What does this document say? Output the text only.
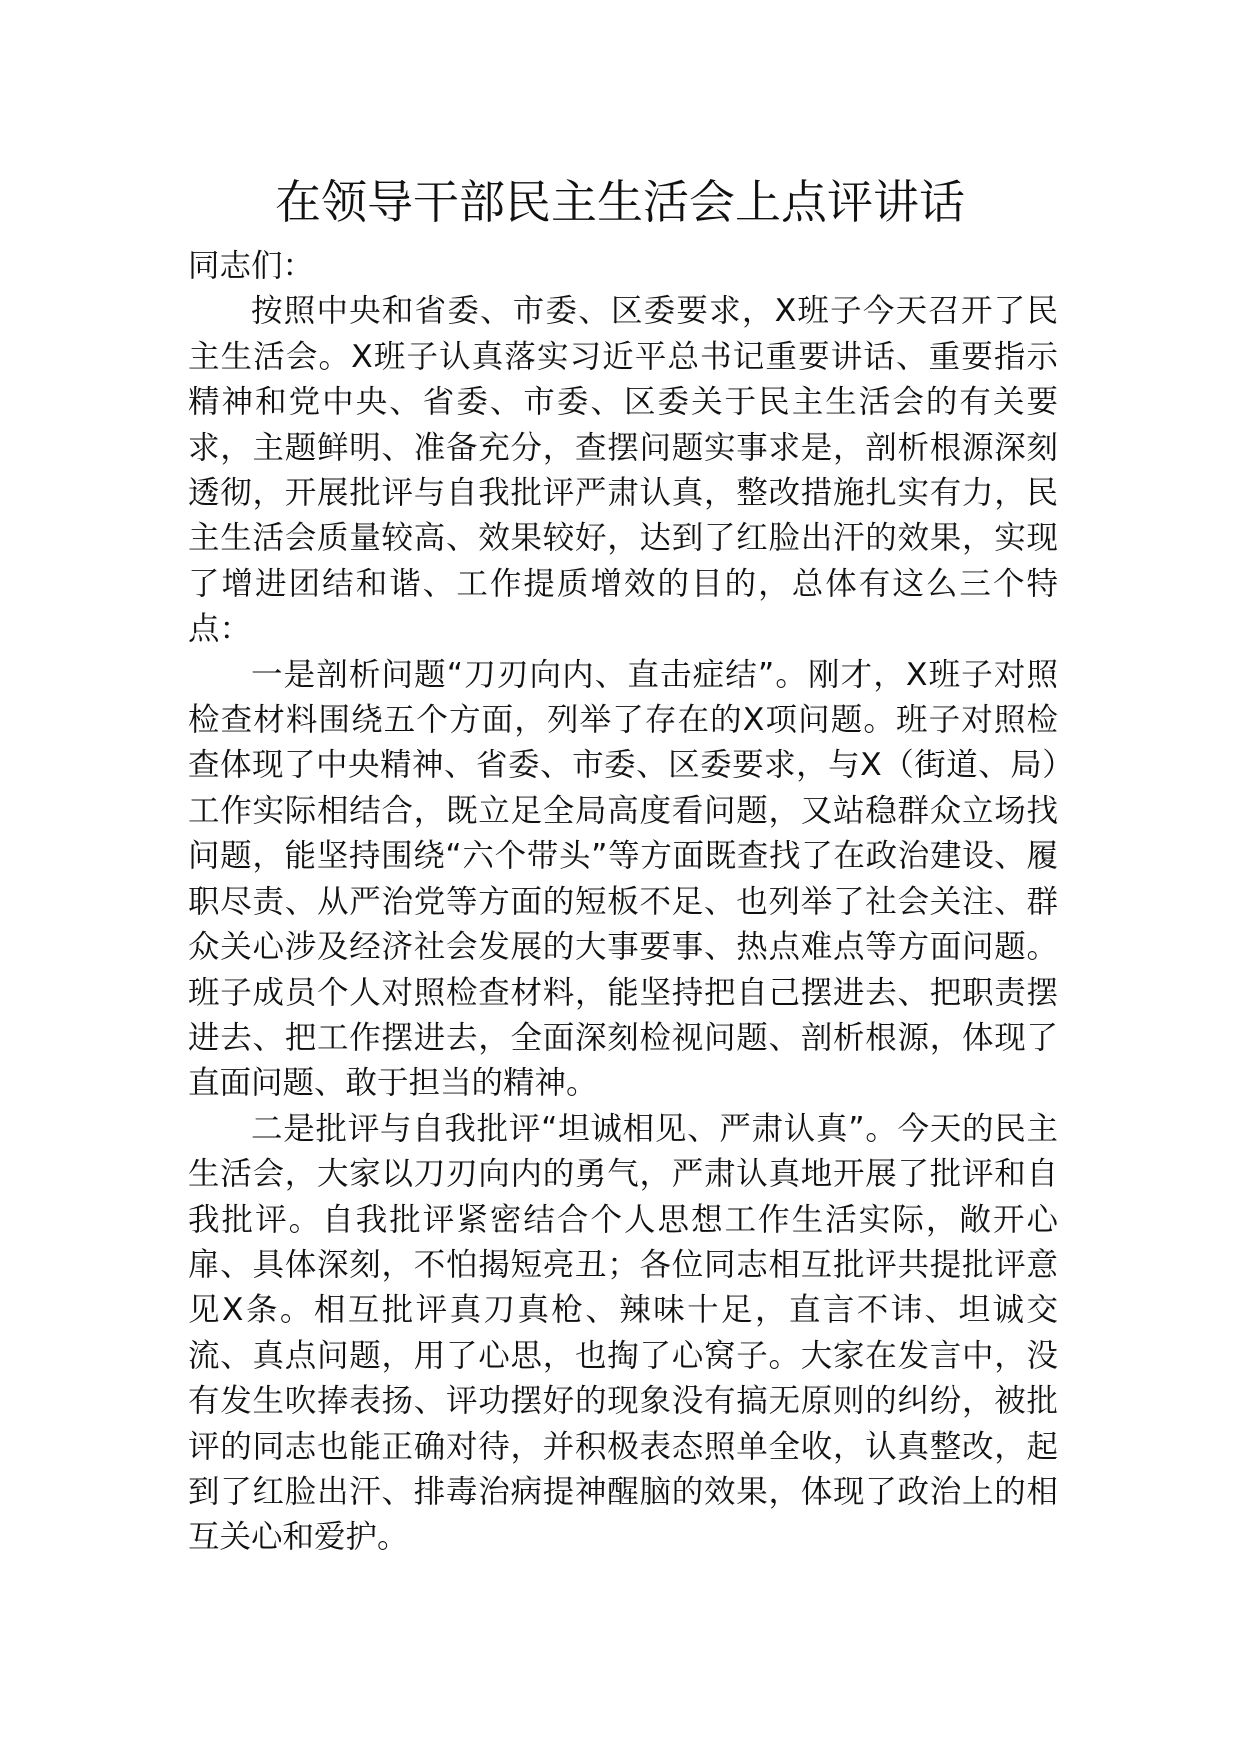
在领导干部民主生活会上点评讲话

同志们：

按照中央和省委、市委、区委要求，X班子今天召开了民主生活会。X班子认真落实习近平总书记重要讲话、重要指示精神和党中央、省委、市委、区委关于民主生活会的有关要求，主题鲜明、准备充分，查摆问题实事求是，剖析根源深刻透彻，开展批评与自我批评严肃认真，整改措施扎实有力，民主生活会质量较高、效果较好，达到了红脸出汗的效果，实现了增进团结和谐、工作提质增效的目的，总体有这么三个特点：

一是剖析问题“刀刃向内、直击症结”。刚才，X班子对照检查材料围绕五个方面，列举了存在的X项问题。班子对照检查体现了中央精神、省委、市委、区委要求，与X（街道、局）工作实际相结合，既立足全局高度看问题，又站稳群众立场找问题，能坚持围绕“六个带头”等方面既查找了在政治建设、履职尽责、从严治党等方面的短板不足、也列举了社会关注、群众关心涉及经济社会发展的大事要事、热点难点等方面问题。班子成员个人对照检查材料，能坚持把自己摆进去、把职责摆进去、把工作摆进去，全面深刻检视问题、剖析根源，体现了直面问题、敢于担当的精神。

二是批评与自我批评“坦诚相见、严肃认真”。今天的民主生活会，大家以刀刃向内的勇气，严肃认真地开展了批评和自我批评。自我批评紧密结合个人思想工作生活实际，敞开心扉、具体深刻，不怕揭短亮丑；各位同志相互批评共提批评意见X条。相互批评真刀真枪、辣味十足，直言不讳、坦诚交流、真点问题，用了心思，也掏了心窝子。大家在发言中，没有发生吹捧表扬、评功摆好的现象没有搞无原则的纠纷，被批评的同志也能正确对待，并积极表态照单全收，认真整改，起到了红脸出汗、排毒治病提神醒脑的效果，体现了政治上的相互关心和爱护。
